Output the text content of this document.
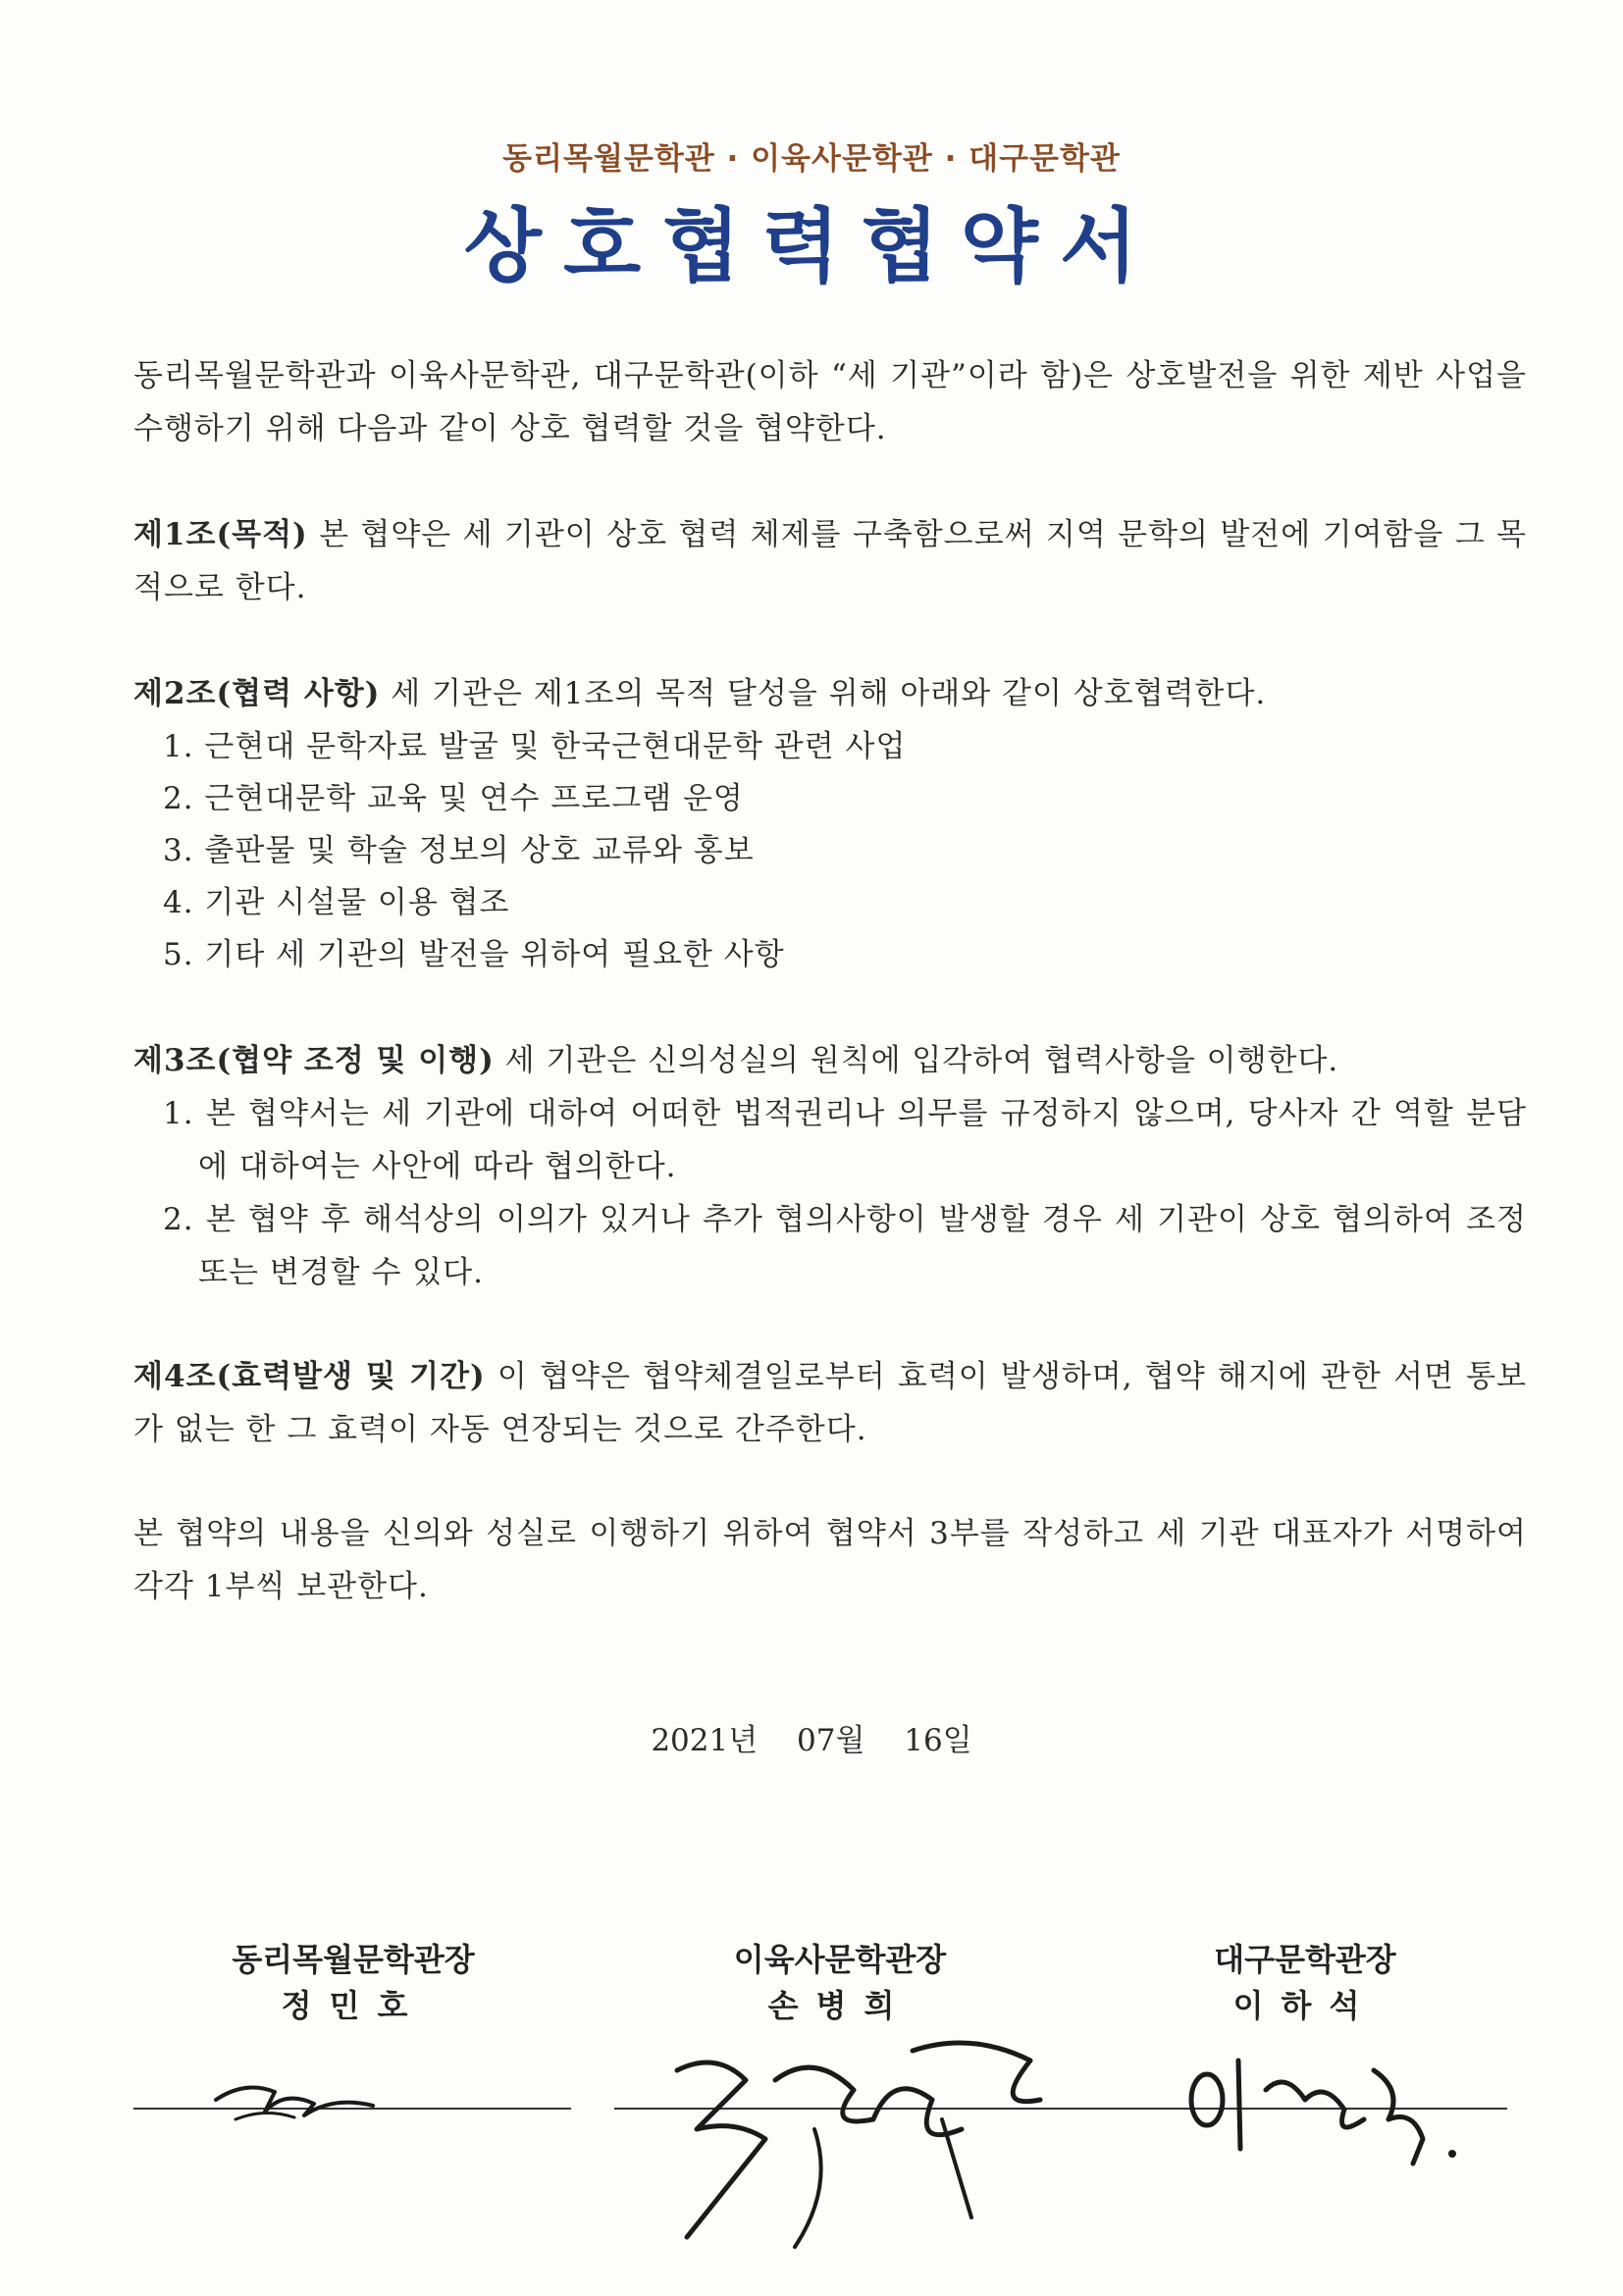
동리목월문학관 · 이육사문학관 · 대구문학관
상호협력협약서
동리목월문학관과 이육사문학관, 대구문학관(이하 “세 기관”이라 함)은 상호발전을 위한 제반 사업을 수행하기 위해 다음과 같이 상호 협력할 것을 협약한다.
제1조(목적) 본 협약은 세 기관이 상호 협력 체제를 구축함으로써 지역 문학의 발전에 기여함을 그 목적으로 한다.
제2조(협력 사항) 세 기관은 제1조의 목적 달성을 위해 아래와 같이 상호협력한다.
1. 근현대 문학자료 발굴 및 한국근현대문학 관련 사업
2. 근현대문학 교육 및 연수 프로그램 운영
3. 출판물 및 학술 정보의 상호 교류와 홍보
4. 기관 시설물 이용 협조
5. 기타 세 기관의 발전을 위하여 필요한 사항
제3조(협약 조정 및 이행) 세 기관은 신의성실의 원칙에 입각하여 협력사항을 이행한다.
1. 본 협약서는 세 기관에 대하여 어떠한 법적권리나 의무를 규정하지 않으며, 당사자 간 역할 분담에 대하여는 사안에 따라 협의한다.
2. 본 협약 후 해석상의 이의가 있거나 추가 협의사항이 발생할 경우 세 기관이 상호 협의하여 조정 또는 변경할 수 있다.
제4조(효력발생 및 기간) 이 협약은 협약체결일로부터 효력이 발생하며, 협약 해지에 관한 서면 통보가 없는 한 그 효력이 자동 연장되는 것으로 간주한다.
본 협약의 내용을 신의와 성실로 이행하기 위하여 협약서 3부를 작성하고 세 기관 대표자가 서명하여 각각 1부씩 보관한다.
2021년 07월 16일
동리목월문학관장
정민호
이육사문학관장
손병희
대구문학관장
이하석
